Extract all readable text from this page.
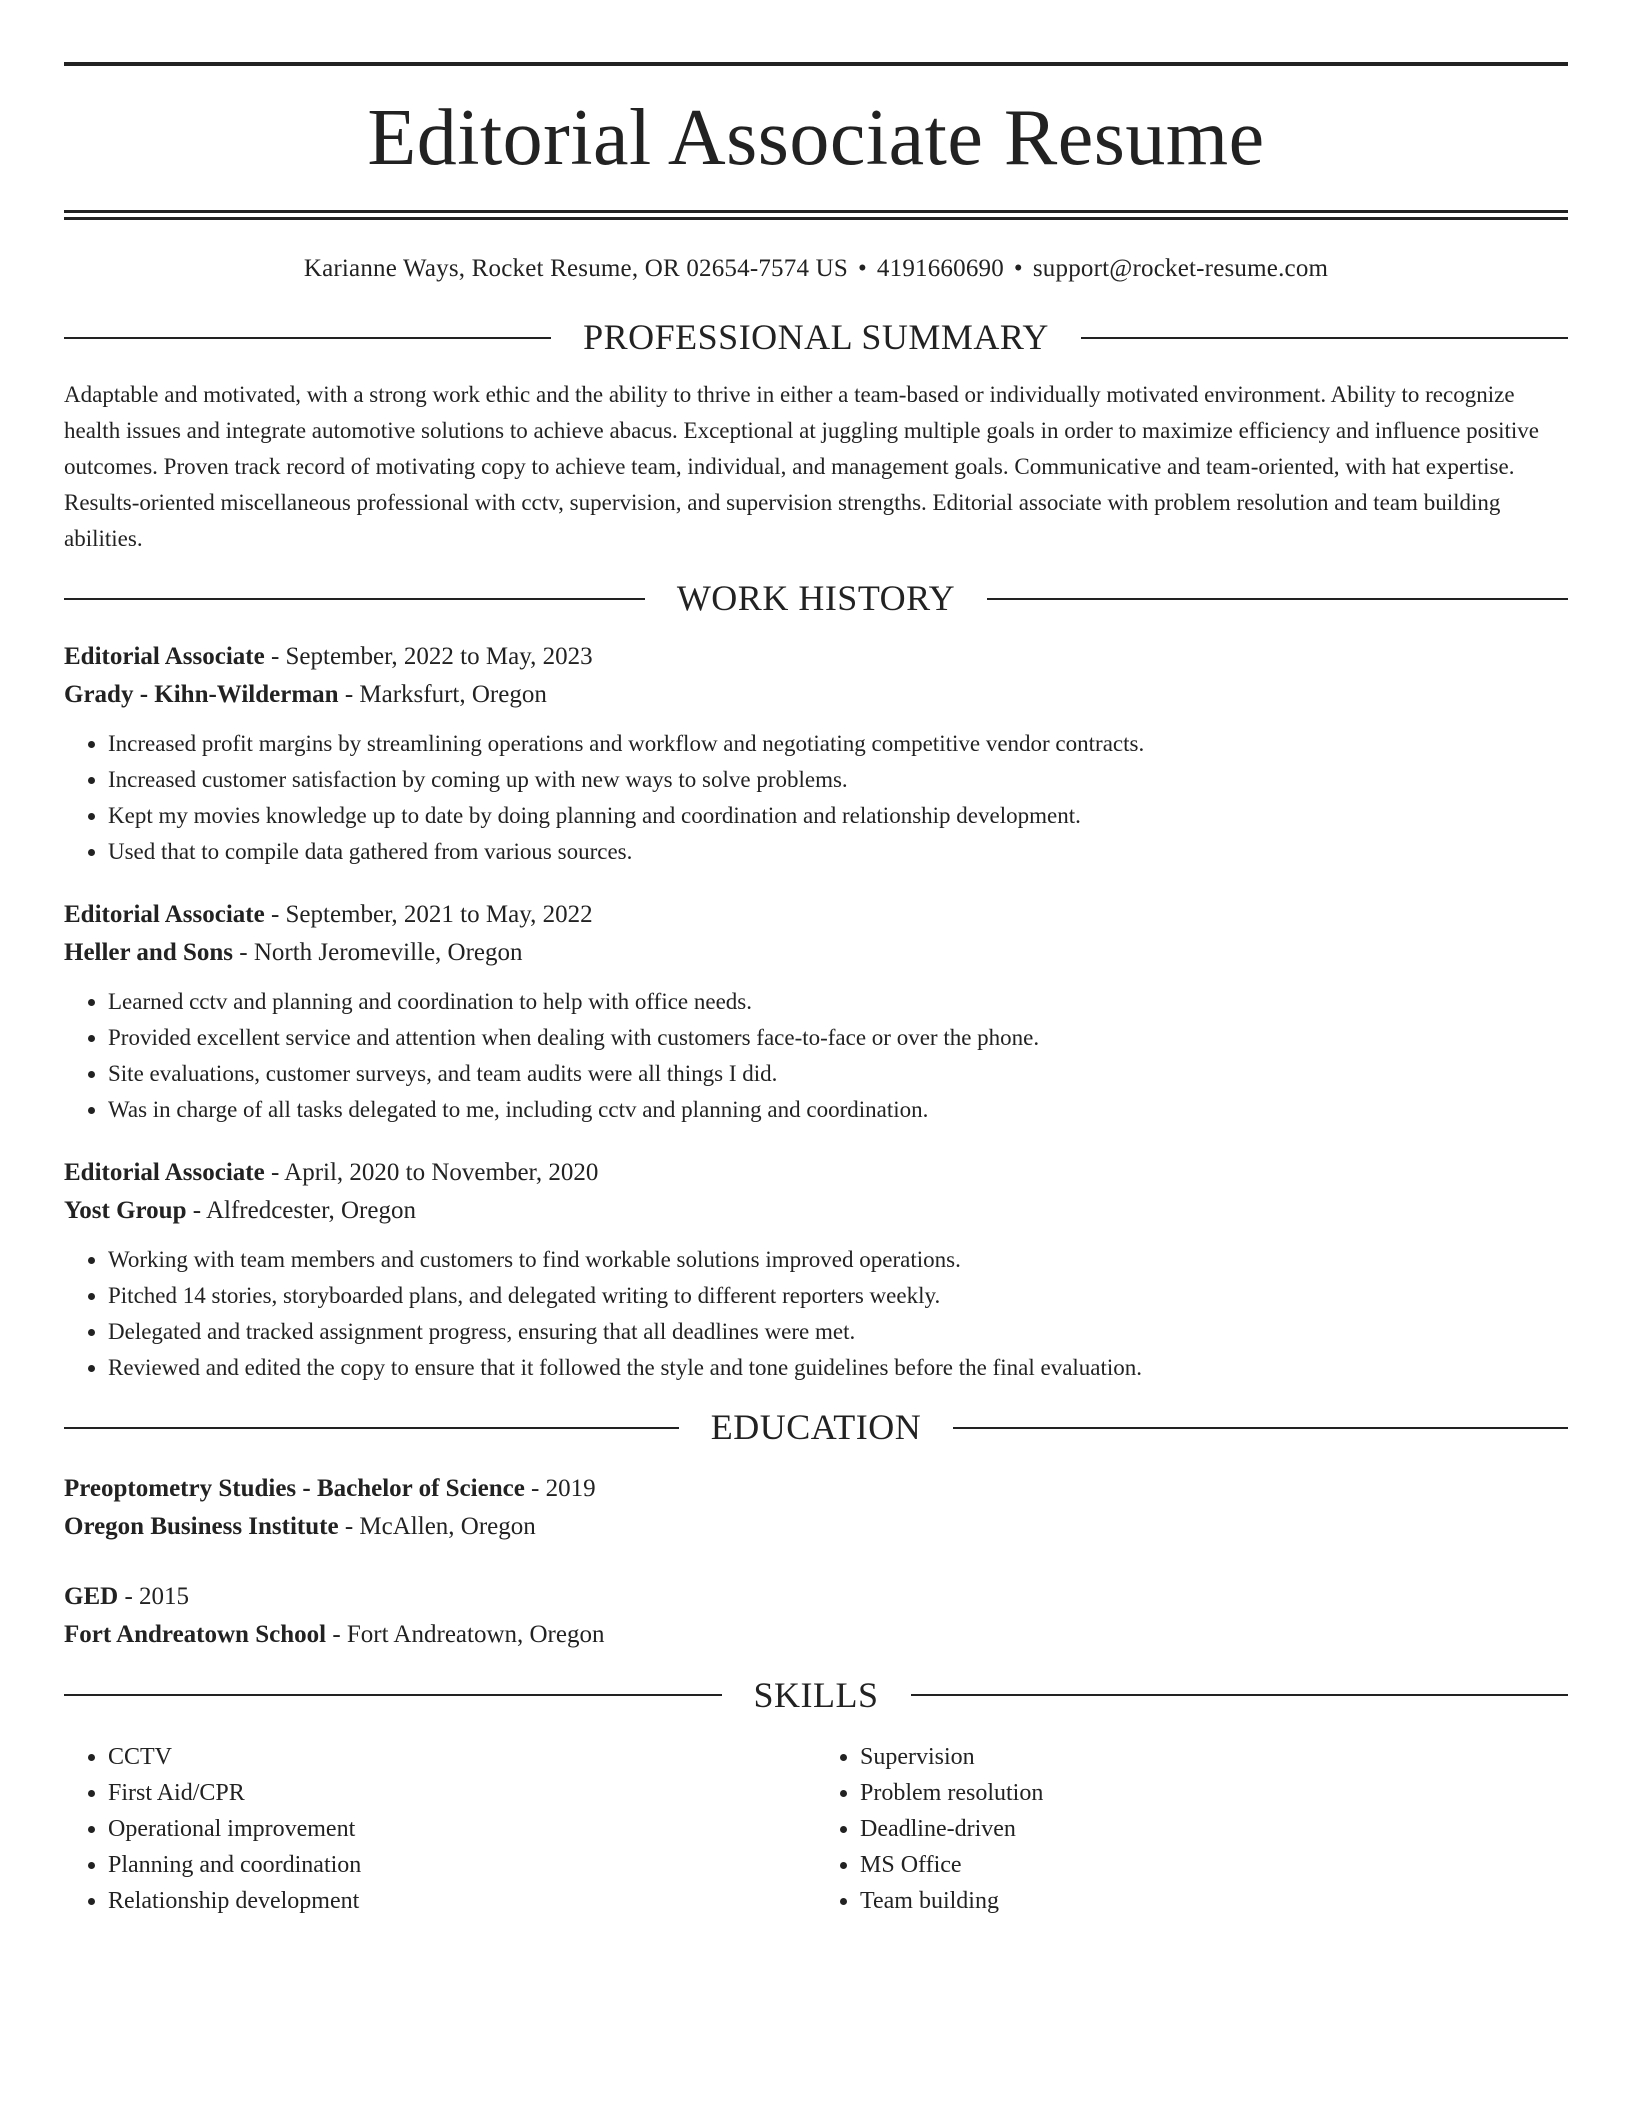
Editorial Associate Resume
Karianne Ways, Rocket Resume, OR 02654-7574 US • 4191660690 • support@rocket-resume.com
PROFESSIONAL SUMMARY

Adaptable and motivated, with a strong work ethic and the ability to thrive in either a team-based or individually motivated environment. Ability to recognize health issues and integrate automotive solutions to achieve abacus. Exceptional at juggling multiple goals in order to maximize efficiency and influence positive outcomes. Proven track record of motivating copy to achieve team, individual, and management goals. Communicative and team-oriented, with hat expertise. Results-oriented miscellaneous professional with cctv, supervision, and supervision strengths. Editorial associate with problem resolution and team building abilities.

WORK HISTORY
Editorial Associate - September, 2022 to May, 2023
Grady - Kihn-Wilderman - Marksfurt, Oregon
• Increased profit margins by streamlining operations and workflow and negotiating competitive vendor contracts.
• Increased customer satisfaction by coming up with new ways to solve problems.
• Kept my movies knowledge up to date by doing planning and coordination and relationship development.
• Used that to compile data gathered from various sources.
Editorial Associate - September, 2021 to May, 2022
Heller and Sons - North Jeromeville, Oregon
• Learned cctv and planning and coordination to help with office needs.
• Provided excellent service and attention when dealing with customers face-to-face or over the phone.
• Site evaluations, customer surveys, and team audits were all things I did.
• Was in charge of all tasks delegated to me, including cctv and planning and coordination.
Editorial Associate - April, 2020 to November, 2020
Yost Group - Alfredcester, Oregon
• Working with team members and customers to find workable solutions improved operations.
• Pitched 14 stories, storyboarded plans, and delegated writing to different reporters weekly.
• Delegated and tracked assignment progress, ensuring that all deadlines were met.
• Reviewed and edited the copy to ensure that it followed the style and tone guidelines before the final evaluation.
EDUCATION
Preoptometry Studies - Bachelor of Science - 2019
Oregon Business Institute - McAllen, Oregon
GED - 2015
Fort Andreatown School - Fort Andreatown, Oregon
SKILLS
• CCTV
• First Aid/CPR
• Operational improvement
• Planning and coordination
• Relationship development
• Supervision
• Problem resolution
• Deadline-driven
• MS Office
• Team building
